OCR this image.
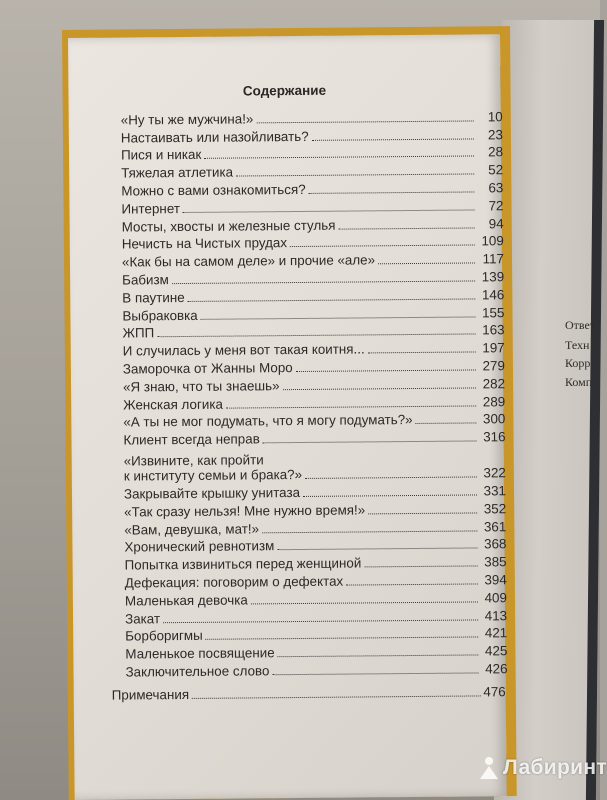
П
Ответ
Техн
Корр
Комп
Содержание
«Ну ты же мужчина!»	10
Настаивать или назойливать?	23
Пися и никак	28
Тяжелая атлетика	52
Можно с вами ознакомиться?	63
Интернет	72
Мосты, хвосты и железные стулья	94
Нечисть на Чистых прудах	109
«Как бы на самом деле» и прочие «але»	117
Бабизм	139
В паутине	146
Выбраковка	155
ЖПП	163
И случилась у меня вот такая коитня...	197
Заморочка от Жанны Моро	279
«Я знаю, что ты знаешь»	282
Женская логика	289
«А ты не мог подумать, что я могу подумать?»	300
Клиент всегда неправ	316
«Извините, как пройти
к институту семьи и брака?»	322
Закрывайте крышку унитаза	331
«Так сразу нельзя! Мне нужно время!»	352
«Вам, девушка, мат!»	361
Хронический ревнотизм	368
Попытка извиниться перед женщиной	385
Дефекация: поговорим о дефектах	394
Маленькая девочка	409
Закат	413
Борборигмы	421
Маленькое посвящение	425
Заключительное слово	426
Примечания	476
Лабиринт
